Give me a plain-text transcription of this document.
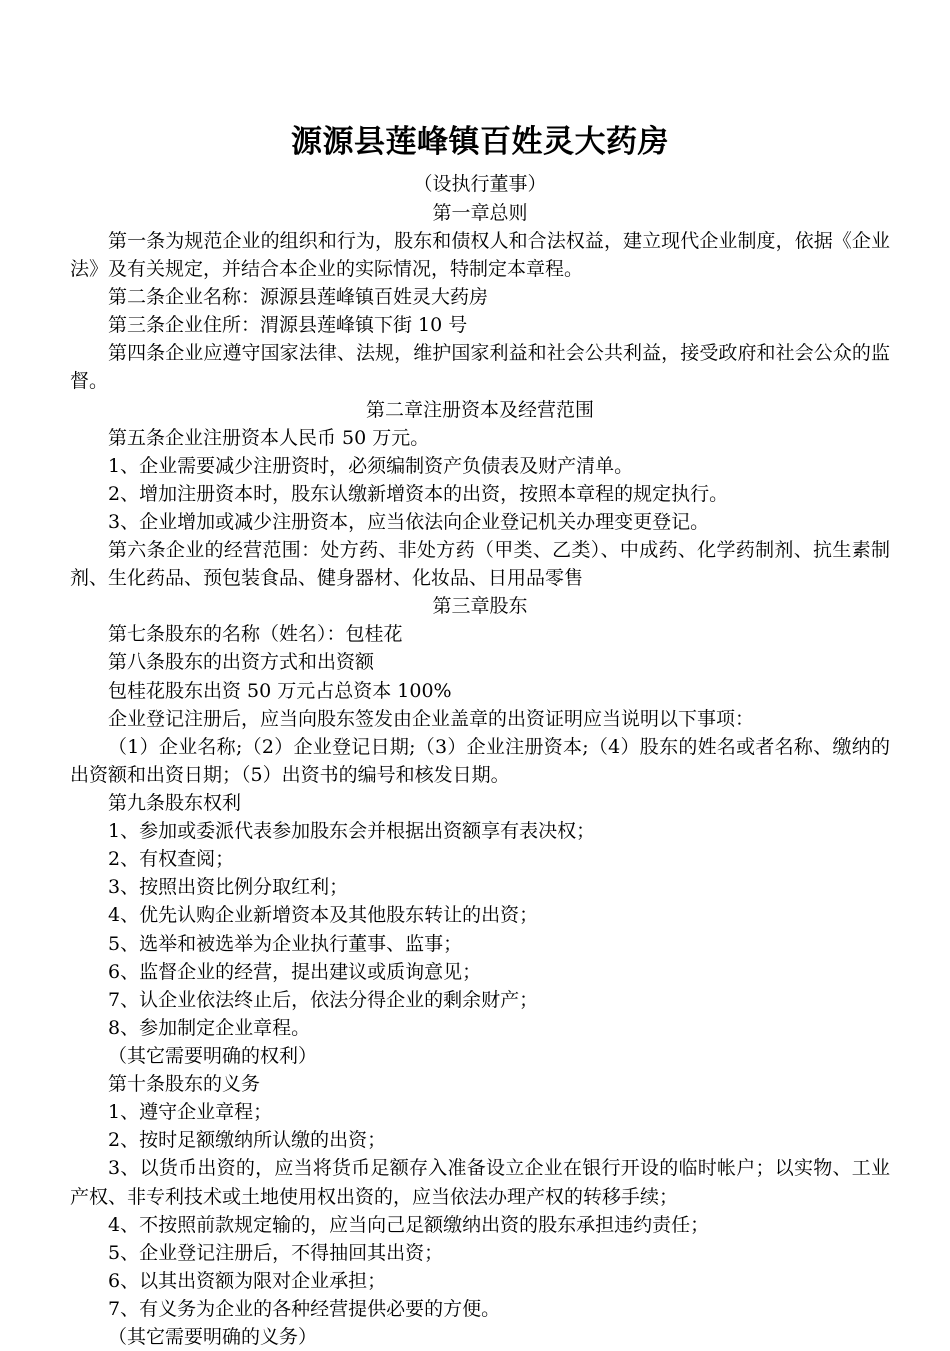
源源县莲峰镇百姓灵大药房

（设执行董事）

第一章总则

第一条为规范企业的组织和行为，股东和债权人和合法权益，建立现代企业制度，依据《企业法》及有关规定，并结合本企业的实际情况，特制定本章程。

第二条企业名称：源源县莲峰镇百姓灵大药房

第三条企业住所：渭源县莲峰镇下街 10 号

第四条企业应遵守国家法律、法规，维护国家利益和社会公共利益，接受政府和社会公众的监督。

第二章注册资本及经营范围

第五条企业注册资本人民币 50 万元。

1、企业需要减少注册资时，必须编制资产负债表及财产清单。

2、增加注册资本时，股东认缴新增资本的出资，按照本章程的规定执行。

3、企业增加或减少注册资本，应当依法向企业登记机关办理变更登记。

第六条企业的经营范围：处方药、非处方药（甲类、乙类）、中成药、化学药制剂、抗生素制剂、生化药品、预包装食品、健身器材、化妆品、日用品零售

第三章股东

第七条股东的名称（姓名）：包桂花

第八条股东的出资方式和出资额

包桂花股东出资 50 万元占总资本 100%

企业登记注册后，应当向股东签发由企业盖章的出资证明应当说明以下事项：

（1）企业名称;（2）企业登记日期;（3）企业注册资本;（4）股东的姓名或者名称、缴纳的出资额和出资日期；（5）出资书的编号和核发日期。

第九条股东权利

1、参加或委派代表参加股东会并根据出资额享有表决权；

2、有权查阅；

3、按照出资比例分取红利；

4、优先认购企业新增资本及其他股东转让的出资；

5、选举和被选举为企业执行董事、监事；

6、监督企业的经营，提出建议或质询意见；

7、认企业依法终止后，依法分得企业的剩余财产；

8、参加制定企业章程。

（其它需要明确的权利）

第十条股东的义务

1、遵守企业章程；

2、按时足额缴纳所认缴的出资；

3、以货币出资的，应当将货币足额存入准备设立企业在银行开设的临时帐户；以实物、工业产权、非专利技术或土地使用权出资的，应当依法办理产权的转移手续；

4、不按照前款规定输的，应当向己足额缴纳出资的股东承担违约责任；

5、企业登记注册后，不得抽回其出资；

6、以其出资额为限对企业承担；

7、有义务为企业的各种经营提供必要的方便。

（其它需要明确的义务）
